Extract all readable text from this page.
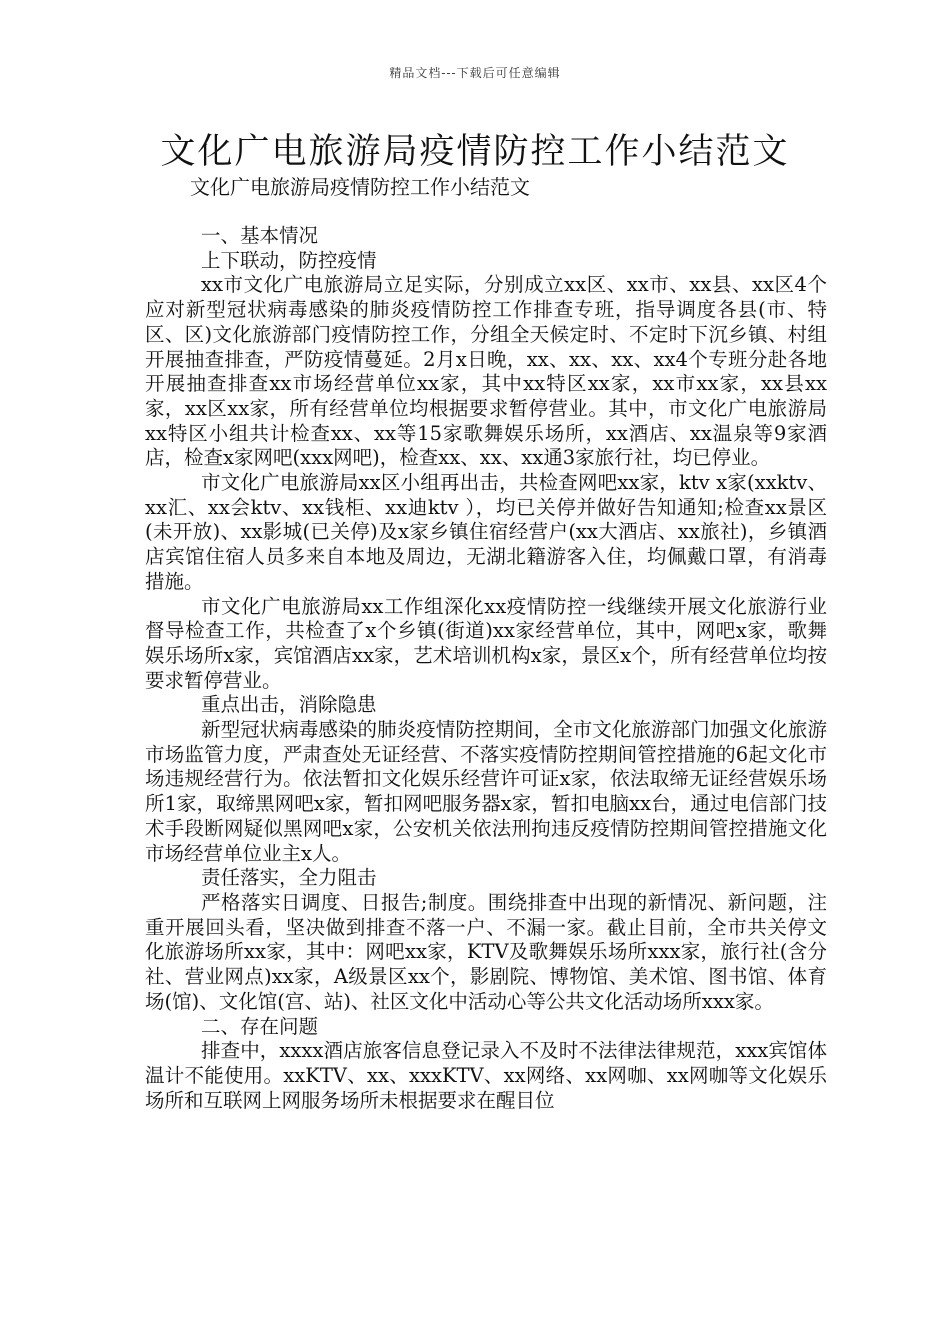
精品文档---下载后可任意编辑
文化广电旅游局疫情防控工作小结范文
文化广电旅游局疫情防控工作小结范文

一、基本情况

上下联动，防控疫情

xx市文化广电旅游局立足实际，分别成立xx区、xx市、xx县、xx区4个应对新型冠状病毒感染的肺炎疫情防控工作排查专班，指导调度各县(市、特区、区)文化旅游部门疫情防控工作，分组全天候定时、不定时下沉乡镇、村组开展抽查排查，严防疫情蔓延。2月x日晚，xx、xx、xx、xx4个专班分赴各地开展抽查排查xx市场经营单位xx家，其中xx特区xx家，xx市xx家，xx县xx家，xx区xx家，所有经营单位均根据要求暂停营业。其中，市文化广电旅游局xx特区小组共计检查xx、xx等15家歌舞娱乐场所，xx酒店、xx温泉等9家酒店，检查x家网吧(xxx网吧)，检查xx、xx、xx通3家旅行社，均已停业。

市文化广电旅游局xx区小组再出击，共检查网吧xx家，ktv x家(xxktv、xx汇、xx会ktv、xx钱柜、xx迪ktv ），均已关停并做好告知通知;检查xx景区(未开放)、xx影城(已关停)及x家乡镇住宿经营户(xx大酒店、xx旅社)，乡镇酒店宾馆住宿人员多来自本地及周边，无湖北籍游客入住，均佩戴口罩，有消毒措施。

市文化广电旅游局xx工作组深化xx疫情防控一线继续开展文化旅游行业督导检查工作，共检查了x个乡镇(街道)xx家经营单位，其中，网吧x家，歌舞娱乐场所x家，宾馆酒店xx家，艺术培训机构x家，景区x个，所有经营单位均按要求暂停营业。

重点出击，消除隐患

新型冠状病毒感染的肺炎疫情防控期间，全市文化旅游部门加强文化旅游市场监管力度，严肃查处无证经营、不落实疫情防控期间管控措施的6起文化市场违规经营行为。依法暂扣文化娱乐经营许可证x家，依法取缔无证经营娱乐场所1家，取缔黑网吧x家，暂扣网吧服务器x家，暂扣电脑xx台，通过电信部门技术手段断网疑似黑网吧x家，公安机关依法刑拘违反疫情防控期间管控措施文化市场经营单位业主x人。

责任落实，全力阻击

严格落实日调度、日报告;制度。围绕排查中出现的新情况、新问题，注重开展回头看，坚决做到排查不落一户、不漏一家。截止目前，全市共关停文化旅游场所xx家，其中：网吧xx家，KTV及歌舞娱乐场所xxx家，旅行社(含分社、营业网点)xx家，A级景区xx个，影剧院、博物馆、美术馆、图书馆、体育场(馆)、文化馆(宫、站)、社区文化中活动心等公共文化活动场所xxx家。

二、存在问题

排查中，xxxx酒店旅客信息登记录入不及时不法律法律规范，xxx宾馆体温计不能使用。xxKTV、xx、xxxKTV、xx网络、xx网咖、xx网咖等文化娱乐场所和互联网上网服务场所未根据要求在醒目位
